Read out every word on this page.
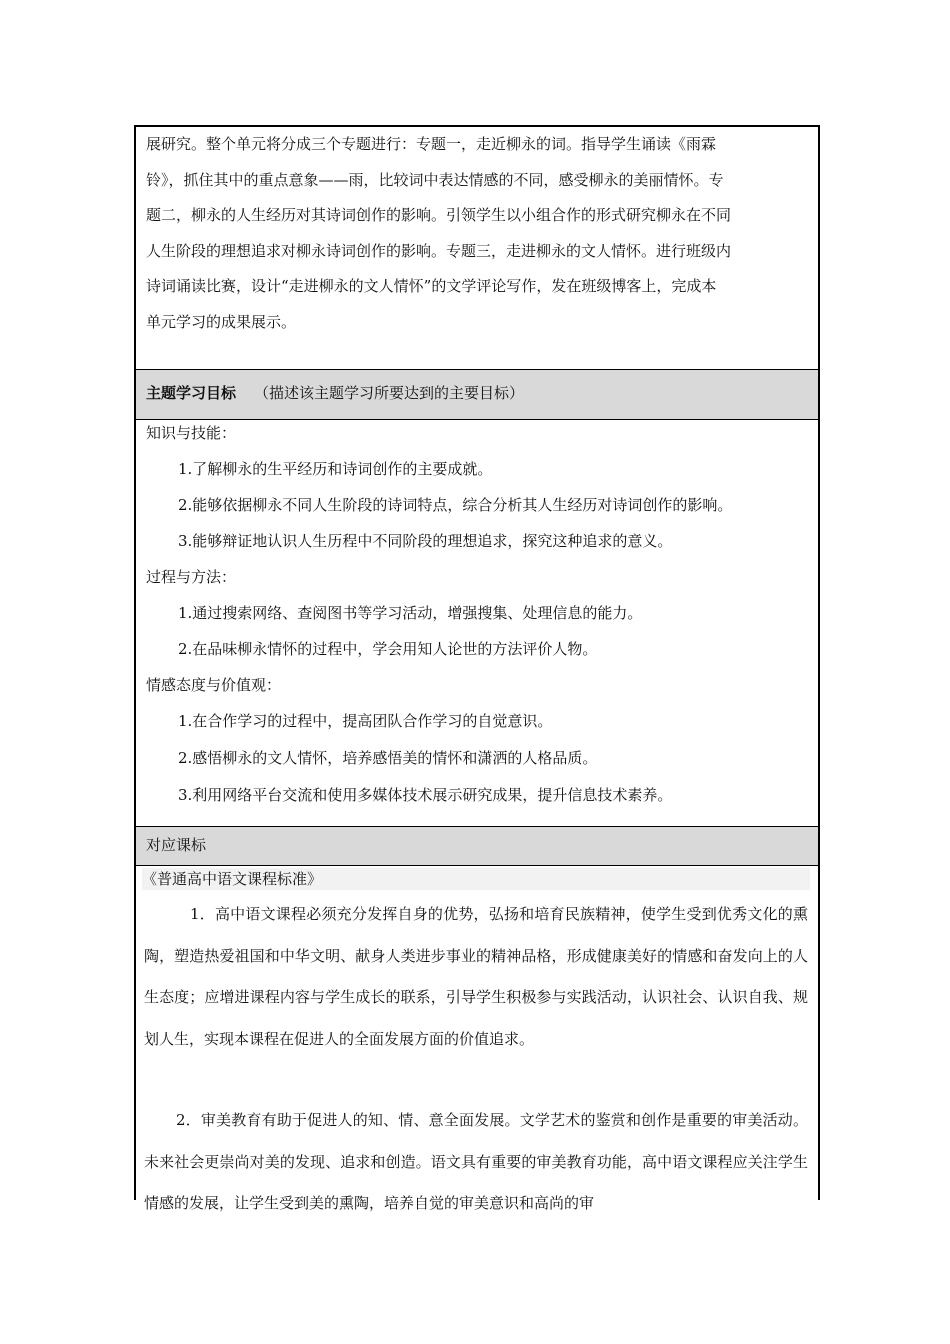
展研究。整个单元将分成三个专题进行：专题一，走近柳永的词。指导学生诵读《雨霖

铃》，抓住其中的重点意象——雨，比较词中表达情感的不同，感受柳永的美丽情怀。专

题二，柳永的人生经历对其诗词创作的影响。引领学生以小组合作的形式研究柳永在不同

人生阶段的理想追求对柳永诗词创作的影响。专题三，走进柳永的文人情怀。进行班级内

诗词诵读比赛，设计“走进柳永的文人情怀”的文学评论写作，发在班级博客上，完成本

单元学习的成果展示。

主题学习目标 （描述该主题学习所要达到的主要目标）
知识与技能：
1.了解柳永的生平经历和诗词创作的主要成就。
2.能够依据柳永不同人生阶段的诗词特点，综合分析其人生经历对诗词创作的影响。
3.能够辩证地认识人生历程中不同阶段的理想追求，探究这种追求的意义。
过程与方法：
1.通过搜索网络、查阅图书等学习活动，增强搜集、处理信息的能力。
2.在品味柳永情怀的过程中，学会用知人论世的方法评价人物。
情感态度与价值观：
1.在合作学习的过程中，提高团队合作学习的自觉意识。
2.感悟柳永的文人情怀，培养感悟美的情怀和潇洒的人格品质。
3.利用网络平台交流和使用多媒体技术展示研究成果，提升信息技术素养。
对应课标
《普通高中语文课程标准》
1．高中语文课程必须充分发挥自身的优势，弘扬和培育民族精神，使学生受到优秀文化的熏陶，塑造热爱祖国和中华文明、献身人类进步事业的精神品格，形成健康美好的情感和奋发向上的人生态度；应增进课程内容与学生成长的联系，引导学生积极参与实践活动，认识社会、认识自我、规划人生，实现本课程在促进人的全面发展方面的价值追求。
2．审美教育有助于促进人的知、情、意全面发展。文学艺术的鉴赏和创作是重要的审美活动。未来社会更崇尚对美的发现、追求和创造。语文具有重要的审美教育功能，高中语文课程应关注学生情感的发展，让学生受到美的熏陶，培养自觉的审美意识和高尚的审
